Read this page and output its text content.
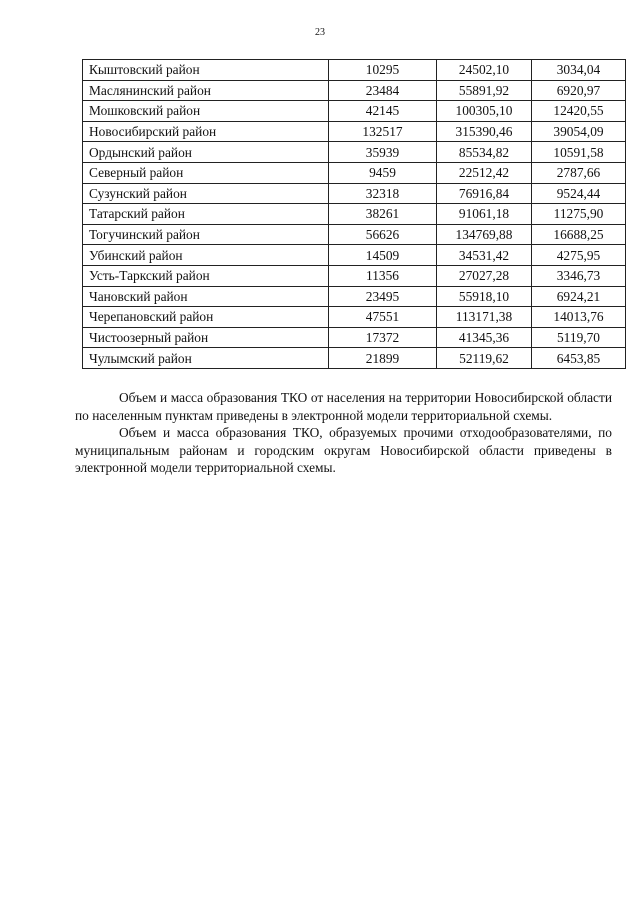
23
Кыштовский район	10295	24502,10	3034,04
Маслянинский район	23484	55891,92	6920,97
Мошковский район	42145	100305,10	12420,55
Новосибирский район	132517	315390,46	39054,09
Ордынский район	35939	85534,82	10591,58
Северный район	9459	22512,42	2787,66
Сузунский район	32318	76916,84	9524,44
Татарский район	38261	91061,18	11275,90
Тогучинский район	56626	134769,88	16688,25
Убинский район	14509	34531,42	4275,95
Усть-Таркский район	11356	27027,28	3346,73
Чановский район	23495	55918,10	6924,21
Черепановский район	47551	113171,38	14013,76
Чистоозерный район	17372	41345,36	5119,70
Чулымский район	21899	52119,62	6453,85

Объем и масса образования ТКО от населения на территории Новосибирской области по населенным пунктам приведены в электронной модели территориальной схемы.

Объем и масса образования ТКО, образуемых прочими отходообразователями, по муниципальным районам и городским округам Новосибирской области приведены в электронной модели территориальной схемы.
